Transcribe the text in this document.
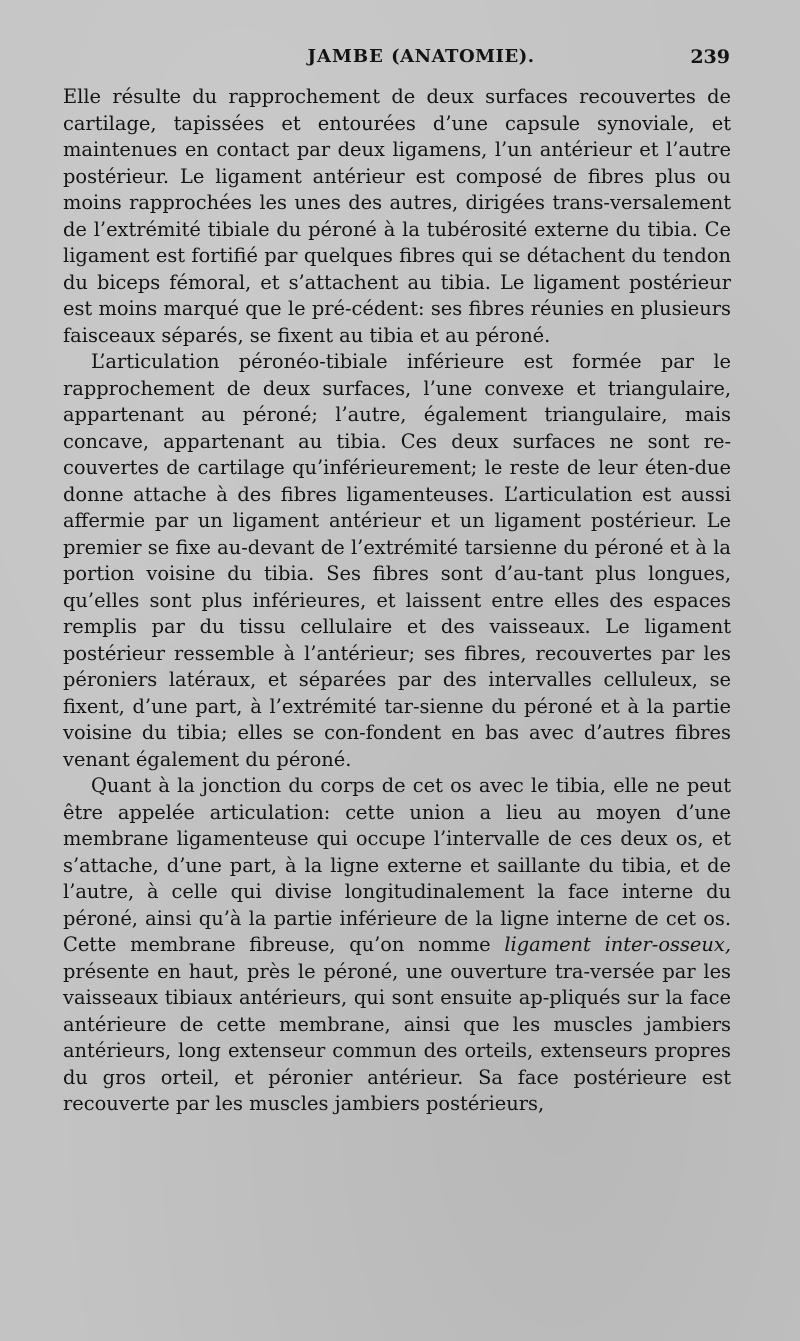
JAMBE (ANATOMIE).	239

Elle résulte du rapprochement de deux surfaces recouvertes de cartilage, tapissées et entourées d’une capsule synoviale, et maintenues en contact par deux ligamens, l’un antérieur et l’autre postérieur. Le ligament antérieur est composé de fibres plus ou moins rapprochées les unes des autres, dirigées trans-versalement de l’extrémité tibiale du péroné à la tubérosité externe du tibia. Ce ligament est fortifié par quelques fibres qui se détachent du tendon du biceps fémoral, et s’attachent au tibia. Le ligament postérieur est moins marqué que le pré-cédent: ses fibres réunies en plusieurs faisceaux séparés, se fixent au tibia et au péroné.

L’articulation péronéo-tibiale inférieure est formée par le rapprochement de deux surfaces, l’une convexe et triangulaire, appartenant au péroné; l’autre, également triangulaire, mais concave, appartenant au tibia. Ces deux surfaces ne sont re-couvertes de cartilage qu’inférieurement; le reste de leur éten-due donne attache à des fibres ligamenteuses. L’articulation est aussi affermie par un ligament antérieur et un ligament postérieur. Le premier se fixe au-devant de l’extrémité tarsienne du péroné et à la portion voisine du tibia. Ses fibres sont d’au-tant plus longues, qu’elles sont plus inférieures, et laissent entre elles des espaces remplis par du tissu cellulaire et des vaisseaux. Le ligament postérieur ressemble à l’antérieur; ses fibres, recouvertes par les péroniers latéraux, et séparées par des intervalles celluleux, se fixent, d’une part, à l’extrémité tar-sienne du péroné et à la partie voisine du tibia; elles se con-fondent en bas avec d’autres fibres venant également du péroné.

Quant à la jonction du corps de cet os avec le tibia, elle ne peut être appelée articulation: cette union a lieu au moyen d’une membrane ligamenteuse qui occupe l’intervalle de ces deux os, et s’attache, d’une part, à la ligne externe et saillante du tibia, et de l’autre, à celle qui divise longitudinalement la face interne du péroné, ainsi qu’à la partie inférieure de la ligne interne de cet os. Cette membrane fibreuse, qu’on nomme ligament inter-osseux, présente en haut, près le péroné, une ouverture tra-versée par les vaisseaux tibiaux antérieurs, qui sont ensuite ap-pliqués sur la face antérieure de cette membrane, ainsi que les muscles jambiers antérieurs, long extenseur commun des orteils, extenseurs propres du gros orteil, et péronier antérieur. Sa face postérieure est recouverte par les muscles jambiers postérieurs,
